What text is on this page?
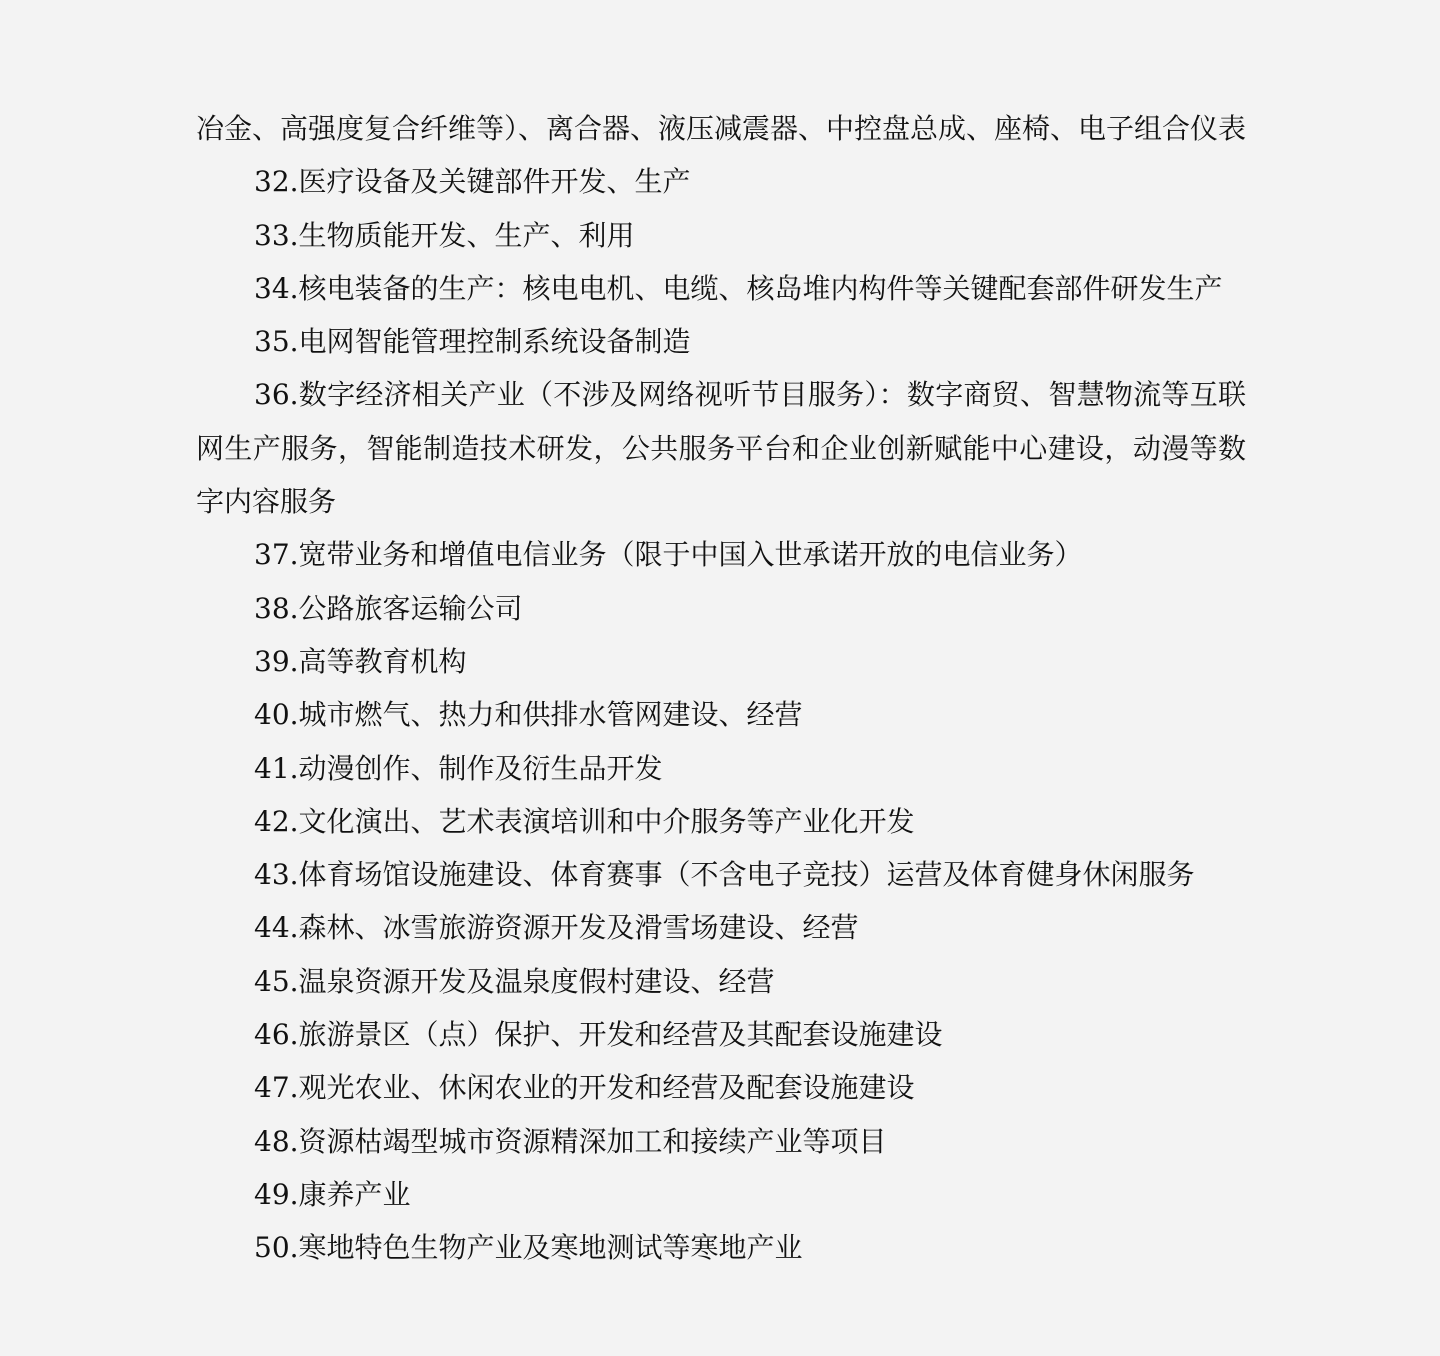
冶金、高强度复合纤维等）、离合器、液压减震器、中控盘总成、座椅、电子组合仪表

32.医疗设备及关键部件开发、生产

33.生物质能开发、生产、利用

34.核电装备的生产：核电电机、电缆、核岛堆内构件等关键配套部件研发生产

35.电网智能管理控制系统设备制造

36.数字经济相关产业（不涉及网络视听节目服务）：数字商贸、智慧物流等互联网生产服务，智能制造技术研发，公共服务平台和企业创新赋能中心建设，动漫等数字内容服务

37.宽带业务和增值电信业务（限于中国入世承诺开放的电信业务）

38.公路旅客运输公司

39.高等教育机构

40.城市燃气、热力和供排水管网建设、经营

41.动漫创作、制作及衍生品开发

42.文化演出、艺术表演培训和中介服务等产业化开发

43.体育场馆设施建设、体育赛事（不含电子竞技）运营及体育健身休闲服务

44.森林、冰雪旅游资源开发及滑雪场建设、经营

45.温泉资源开发及温泉度假村建设、经营

46.旅游景区（点）保护、开发和经营及其配套设施建设

47.观光农业、休闲农业的开发和经营及配套设施建设

48.资源枯竭型城市资源精深加工和接续产业等项目

49.康养产业

50.寒地特色生物产业及寒地测试等寒地产业
